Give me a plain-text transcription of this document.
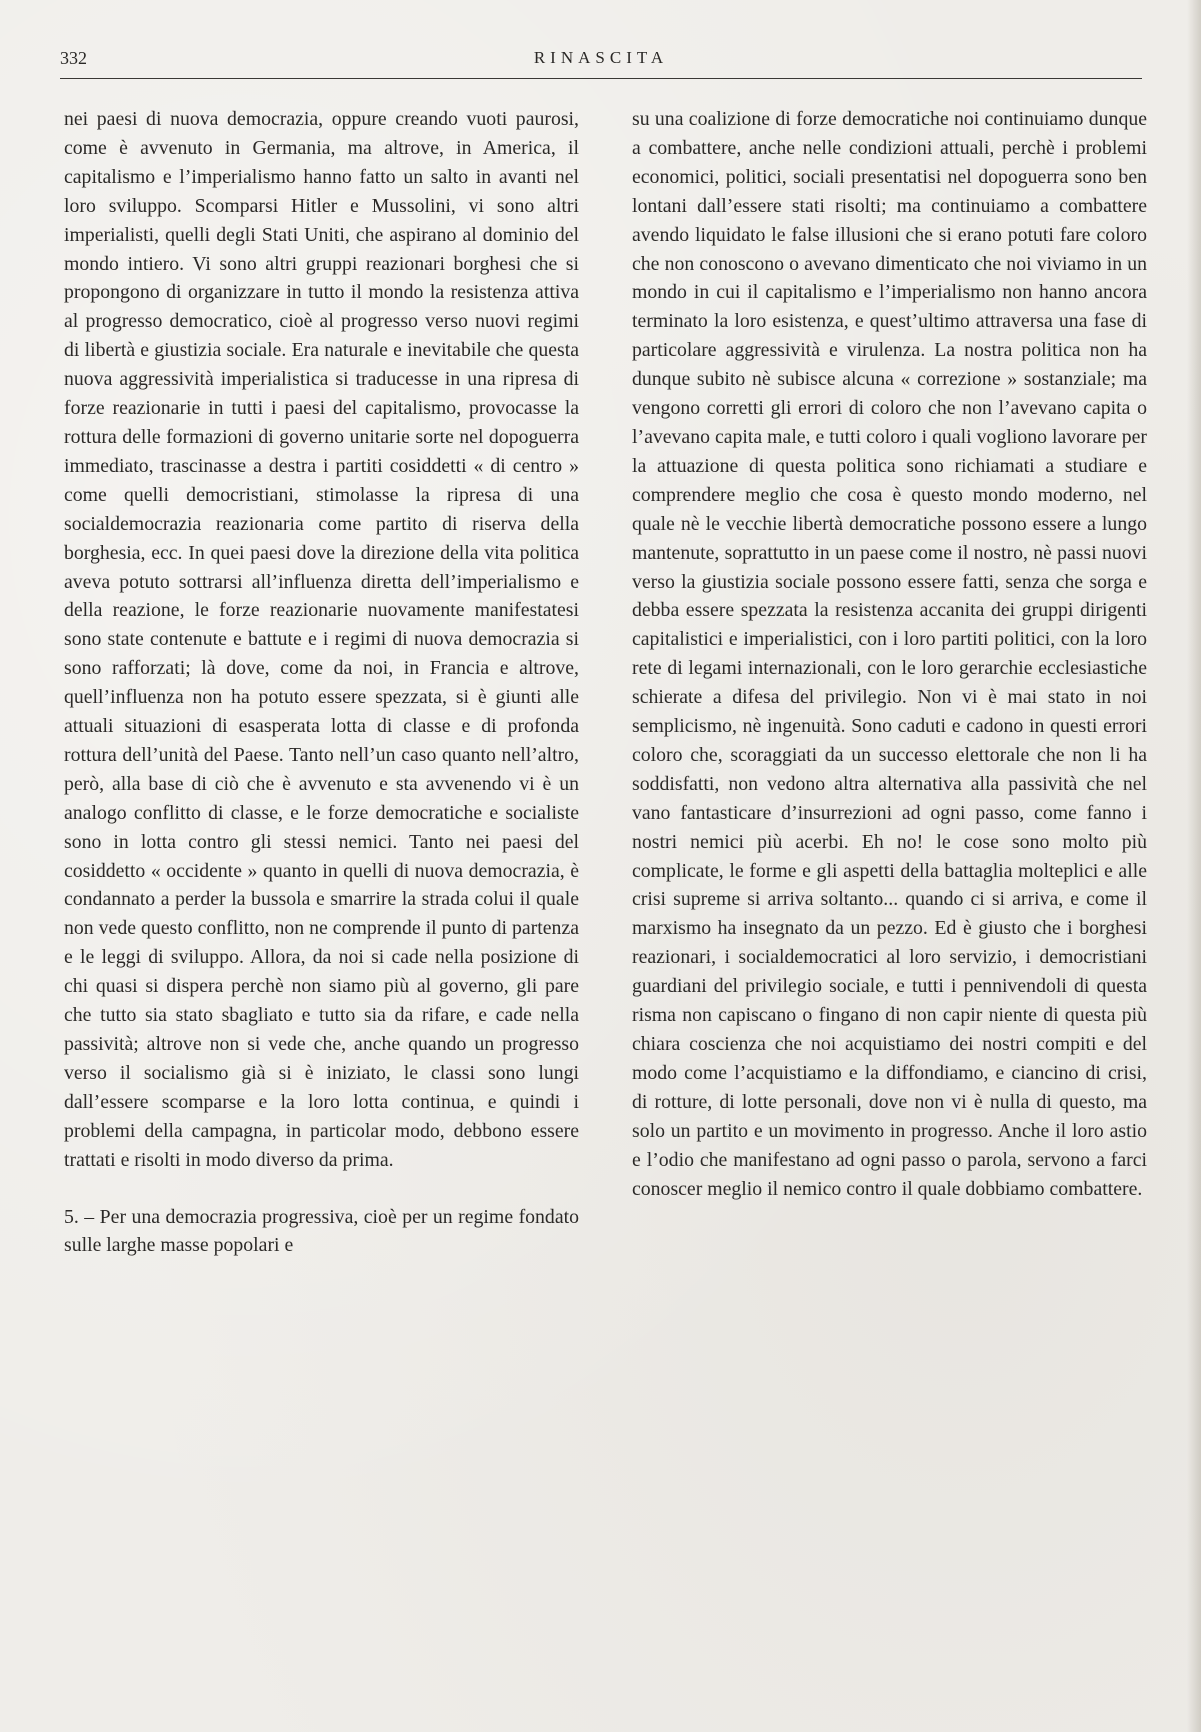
332	RINASCITA

nei paesi di nuova democrazia, oppure creando vuoti paurosi, come è avvenuto in Germania, ma altrove, in America, il capitalismo e l’imperialismo hanno fatto un salto in avanti nel loro sviluppo. Scomparsi Hitler e Mussolini, vi sono altri imperialisti, quelli degli Stati Uniti, che aspirano al dominio del mondo intiero. Vi sono altri gruppi reazionari borghesi che si propongono di organizzare in tutto il mondo la resistenza attiva al progresso democratico, cioè al progresso verso nuovi regimi di libertà e giustizia sociale. Era naturale e inevitabile che questa nuova aggressività imperialistica si traducesse in una ripresa di forze reazionarie in tutti i paesi del capitalismo, provocasse la rottura delle formazioni di governo unitarie sorte nel dopoguerra immediato, trascinasse a destra i partiti cosiddetti « di centro » come quelli democristiani, stimolasse la ripresa di una socialdemocrazia reazionaria come partito di riserva della borghesia, ecc. In quei paesi dove la direzione della vita politica aveva potuto sottrarsi all’influenza diretta dell’imperialismo e della reazione, le forze reazionarie nuovamente manifestatesi sono state contenute e battute e i regimi di nuova democrazia si sono rafforzati; là dove, come da noi, in Francia e altrove, quell’influenza non ha potuto essere spezzata, si è giunti alle attuali situazioni di esasperata lotta di classe e di profonda rottura dell’unità del Paese. Tanto nell’un caso quanto nell’altro, però, alla base di ciò che è avvenuto e sta avvenendo vi è un analogo conflitto di classe, e le forze democratiche e socialiste sono in lotta contro gli stessi nemici. Tanto nei paesi del cosiddetto « occidente » quanto in quelli di nuova democrazia, è condannato a perder la bussola e smarrire la strada colui il quale non vede questo conflitto, non ne comprende il punto di partenza e le leggi di sviluppo. Allora, da noi si cade nella posizione di chi quasi si dispera perchè non siamo più al governo, gli pare che tutto sia stato sbagliato e tutto sia da rifare, e cade nella passività; altrove non si vede che, anche quando un progresso verso il socialismo già si è iniziato, le classi sono lungi dall’essere scomparse e la loro lotta continua, e quindi i problemi della campagna, in particolar modo, debbono essere trattati e risolti in modo diverso da prima.

5. – Per una democrazia progressiva, cioè per un regime fondato sulle larghe masse popolari e

su una coalizione di forze democratiche noi continuiamo dunque a combattere, anche nelle condizioni attuali, perchè i problemi economici, politici, sociali presentatisi nel dopoguerra sono ben lontani dall’essere stati risolti; ma continuiamo a combattere avendo liquidato le false illusioni che si erano potuti fare coloro che non conoscono o avevano dimenticato che noi viviamo in un mondo in cui il capitalismo e l’imperialismo non hanno ancora terminato la loro esistenza, e quest’ultimo attraversa una fase di particolare aggressività e virulenza. La nostra politica non ha dunque subito nè subisce alcuna « correzione » sostanziale; ma vengono corretti gli errori di coloro che non l’avevano capita o l’avevano capita male, e tutti coloro i quali vogliono lavorare per la attuazione di questa politica sono richiamati a studiare e comprendere meglio che cosa è questo mondo moderno, nel quale nè le vecchie libertà democratiche possono essere a lungo mantenute, soprattutto in un paese come il nostro, nè passi nuovi verso la giustizia sociale possono essere fatti, senza che sorga e debba essere spezzata la resistenza accanita dei gruppi dirigenti capitalistici e imperialistici, con i loro partiti politici, con la loro rete di legami internazionali, con le loro gerarchie ecclesiastiche schierate a difesa del privilegio. Non vi è mai stato in noi semplicismo, nè ingenuità. Sono caduti e cadono in questi errori coloro che, scoraggiati da un successo elettorale che non li ha soddisfatti, non vedono altra alternativa alla passività che nel vano fantasticare d’insurrezioni ad ogni passo, come fanno i nostri nemici più acerbi. Eh no! le cose sono molto più complicate, le forme e gli aspetti della battaglia molteplici e alle crisi supreme si arriva soltanto... quando ci si arriva, e come il marxismo ha insegnato da un pezzo. Ed è giusto che i borghesi reazionari, i socialdemocratici al loro servizio, i democristiani guardiani del privilegio sociale, e tutti i pennivendoli di questa risma non capiscano o fingano di non capir niente di questa più chiara coscienza che noi acquistiamo dei nostri compiti e del modo come l’acquistiamo e la diffondiamo, e ciancino di crisi, di rotture, di lotte personali, dove non vi è nulla di questo, ma solo un partito e un movimento in progresso. Anche il loro astio e l’odio che manifestano ad ogni passo o parola, servono a farci conoscer meglio il nemico contro il quale dobbiamo combattere.
